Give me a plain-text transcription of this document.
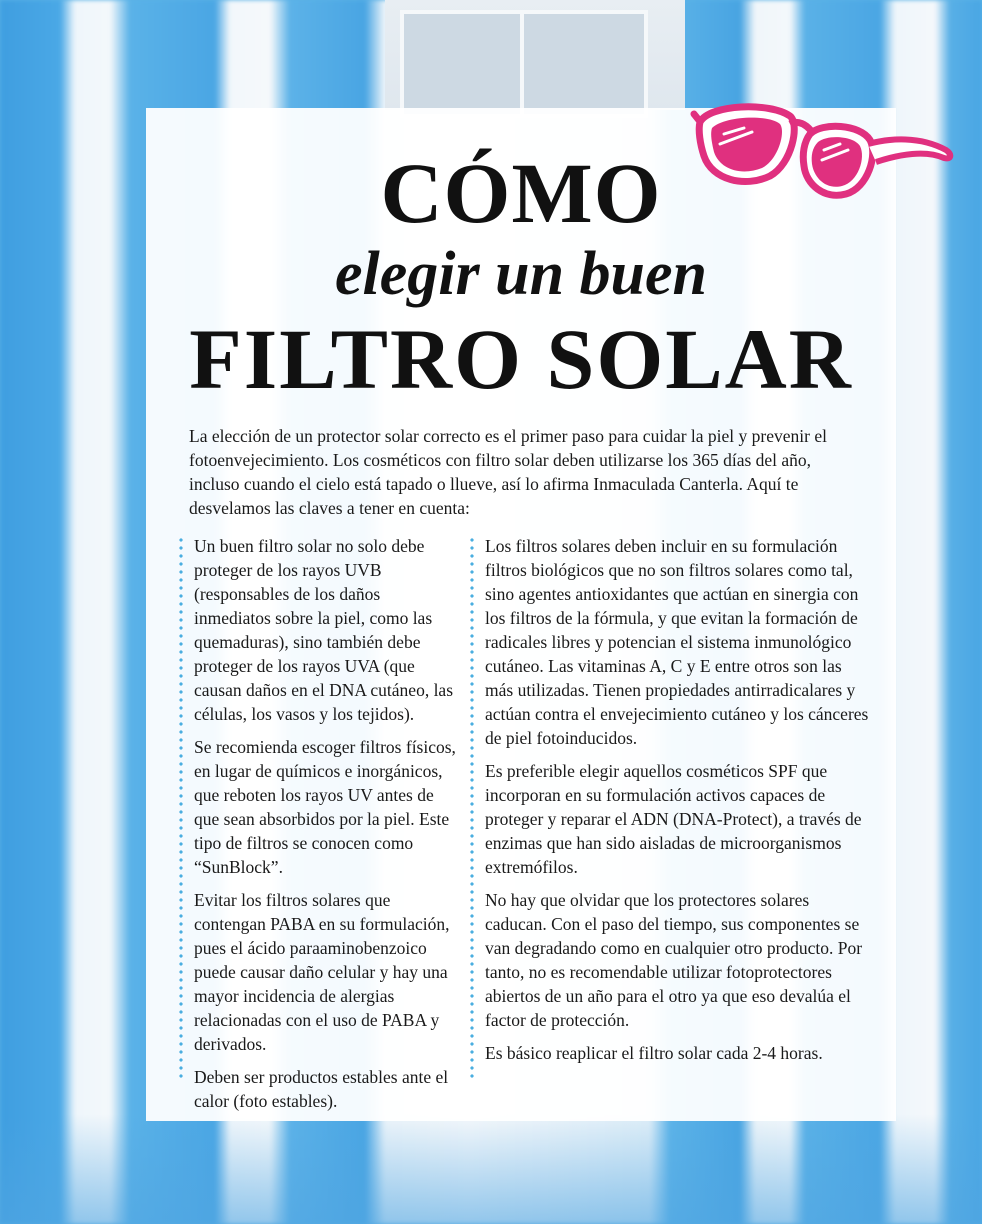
CÓMO
elegir un buen
FILTRO SOLAR
La elección de un protector solar correcto es el primer paso para cuidar la piel y prevenir el fotoenvejecimiento. Los cosméticos con filtro solar deben utilizarse los 365 días del año, incluso cuando el cielo está tapado o llueve, así lo afirma Inmaculada Canterla. Aquí te desvelamos las claves a tener en cuenta:

Un buen filtro solar no solo debe proteger de los rayos UVB (responsables de los daños inmediatos sobre la piel, como las quemaduras), sino también debe proteger de los rayos UVA (que causan daños en el DNA cutáneo, las células, los vasos y los tejidos).

Se recomienda escoger filtros físicos, en lugar de químicos e inorgánicos, que reboten los rayos UV antes de que sean absorbidos por la piel. Este tipo de filtros se conocen como “SunBlock”.

Evitar los filtros solares que contengan PABA en su formulación, pues el ácido paraaminobenzoico puede causar daño celular y hay una mayor incidencia de alergias relacionadas con el uso de PABA y derivados.

Deben ser productos estables ante el calor (foto estables).

Los filtros solares deben incluir en su formulación filtros biológicos que no son filtros solares como tal, sino agentes antioxidantes que actúan en sinergia con los filtros de la fórmula, y que evitan la formación de radicales libres y potencian el sistema inmunológico cutáneo. Las vitaminas A, C y E entre otros son las más utilizadas. Tienen propiedades antirradicalares y actúan contra el envejecimiento cutáneo y los cánceres de piel fotoinducidos.

Es preferible elegir aquellos cosméticos SPF que incorporan en su formulación activos capaces de proteger y reparar el ADN (DNA-Protect), a través de enzimas que han sido aisladas de microorganismos extremófilos.

No hay que olvidar que los protectores solares caducan. Con el paso del tiempo, sus componentes se van degradando como en cualquier otro producto. Por tanto, no es recomendable utilizar fotoprotectores abiertos de un año para el otro ya que eso devalúa el factor de protección.

Es básico reaplicar el filtro solar cada 2-4 horas.
